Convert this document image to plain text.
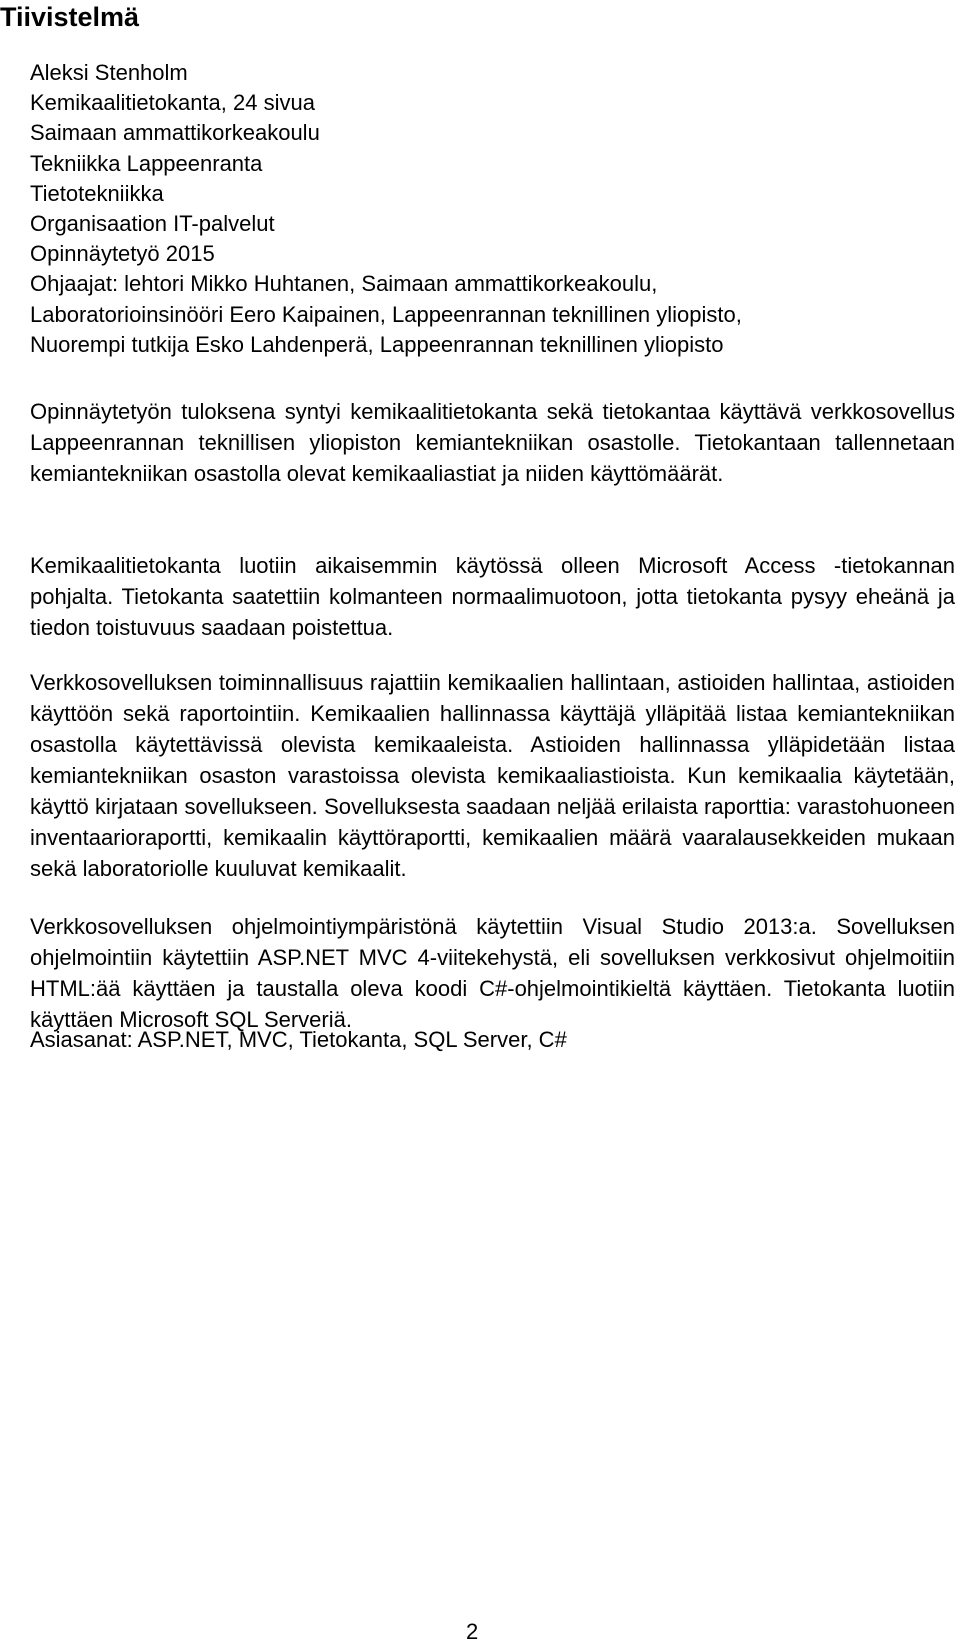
Tiivistelmä
Aleksi Stenholm
Kemikaalitietokanta, 24 sivua
Saimaan ammattikorkeakoulu
Tekniikka Lappeenranta
Tietotekniikka
Organisaation IT-palvelut
Opinnäytetyö 2015
Ohjaajat: lehtori Mikko Huhtanen, Saimaan ammattikorkeakoulu,
Laboratorioinsinööri Eero Kaipainen, Lappeenrannan teknillinen yliopisto,
Nuorempi tutkija Esko Lahdenperä, Lappeenrannan teknillinen yliopisto

Opinnäytetyön tuloksena syntyi kemikaalitietokanta sekä tietokantaa käyttävä verkkosovellus Lappeenrannan teknillisen yliopiston kemiantekniikan osastolle. Tietokantaan tallennetaan kemiantekniikan osastolla olevat kemikaaliastiat ja niiden käyttömäärät.

Kemikaalitietokanta luotiin aikaisemmin käytössä olleen Microsoft Access -tietokannan pohjalta. Tietokanta saatettiin kolmanteen normaalimuotoon, jotta tietokanta pysyy eheänä ja tiedon toistuvuus saadaan poistettua.

Verkkosovelluksen toiminnallisuus rajattiin kemikaalien hallintaan, astioiden hallintaa, astioiden käyttöön sekä raportointiin. Kemikaalien hallinnassa käyttäjä ylläpitää listaa kemiantekniikan osastolla käytettävissä olevista kemikaaleista. Astioiden hallinnassa ylläpidetään listaa kemiantekniikan osaston varastoissa olevista kemikaaliastioista. Kun kemikaalia käytetään, käyttö kirjataan sovellukseen. Sovelluksesta saadaan neljää erilaista raporttia: varastohuoneen inventaarioraportti, kemikaalin käyttöraportti, kemikaalien määrä vaaralausekkeiden mukaan sekä laboratoriolle kuuluvat kemikaalit.

Verkkosovelluksen ohjelmointiympäristönä käytettiin Visual Studio 2013:a. Sovelluksen ohjelmointiin käytettiin ASP.NET MVC 4-viitekehystä, eli sovelluksen verkkosivut ohjelmoitiin HTML:ää käyttäen ja taustalla oleva koodi C#-ohjelmointikieltä käyttäen. Tietokanta luotiin käyttäen Microsoft SQL Serveriä.

Asiasanat: ASP.NET, MVC, Tietokanta, SQL Server, C#

2
